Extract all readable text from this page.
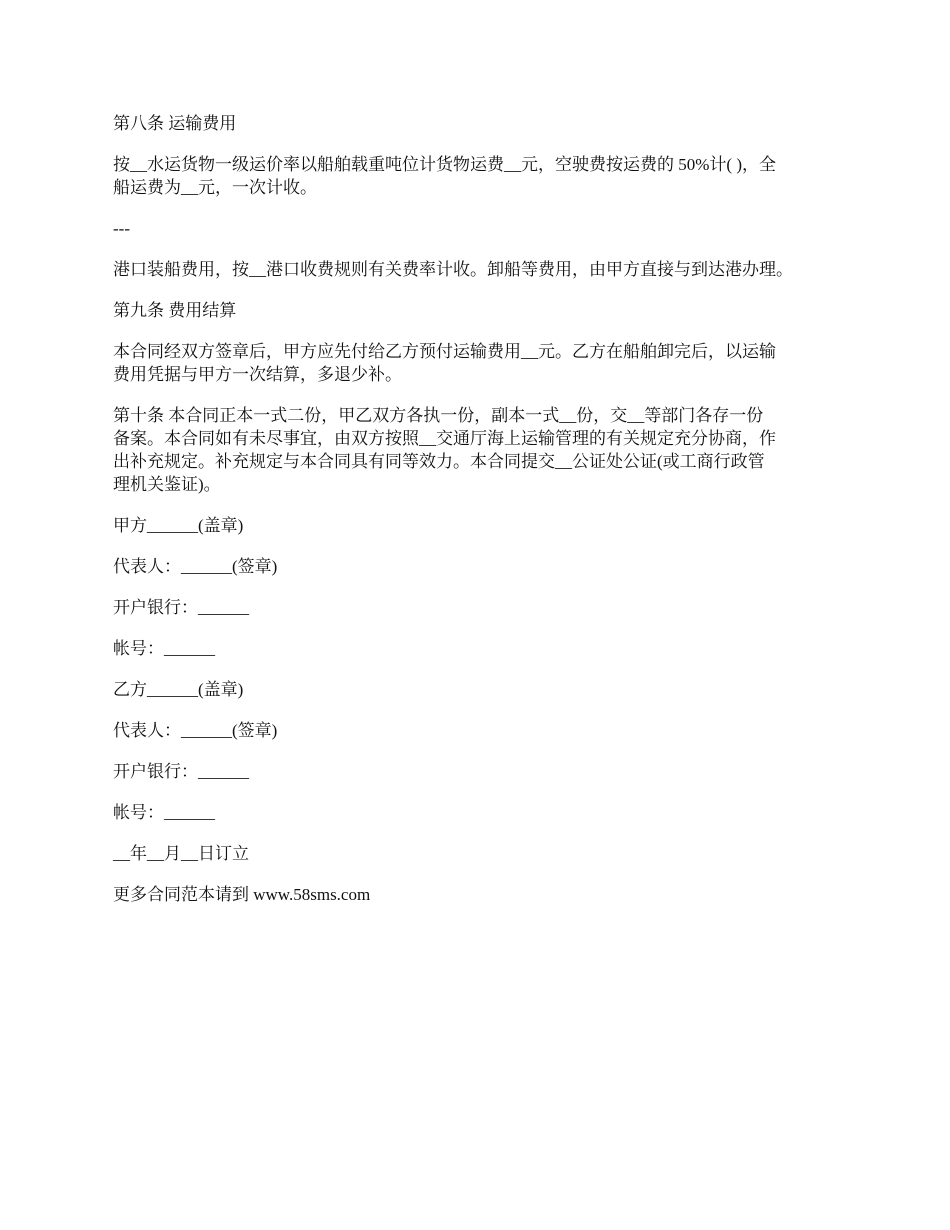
第八条 运输费用

按__水运货物一级运价率以船舶载重吨位计货物运费__元，空驶费按运费的 50%计( )，全
船运费为__元，一次计收。

---

港口装船费用，按__港口收费规则有关费率计收。卸船等费用，由甲方直接与到达港办理。

第九条 费用结算

本合同经双方签章后，甲方应先付给乙方预付运输费用__元。乙方在船舶卸完后，以运输
费用凭据与甲方一次结算，多退少补。

第十条 本合同正本一式二份，甲乙双方各执一份，副本一式__份，交__等部门各存一份
备案。本合同如有未尽事宜，由双方按照__交通厅海上运输管理的有关规定充分协商，作
出补充规定。补充规定与本合同具有同等效力。本合同提交__公证处公证(或工商行政管
理机关鉴证)。

甲方______(盖章)

代表人：______(签章)

开户银行：______

帐号：______

乙方______(盖章)

代表人：______(签章)

开户银行：______

帐号：______

__年__月__日订立

更多合同范本请到 www.58sms.com
